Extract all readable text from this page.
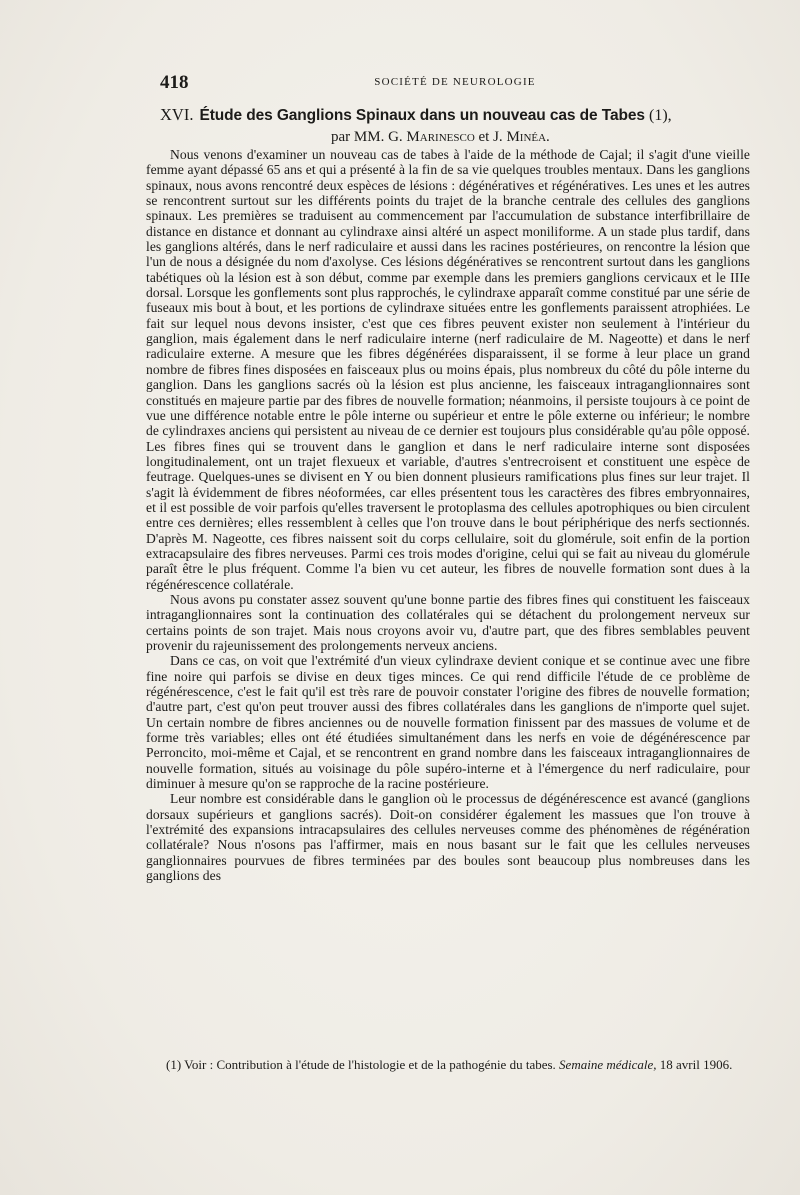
418	SOCIÉTÉ DE NEUROLOGIE
XVI. Étude des Ganglions Spinaux dans un nouveau cas de Tabes (1),
par MM. G. Marinesco et J. Minéa.

Nous venons d'examiner un nouveau cas de tabes à l'aide de la méthode de Cajal; il s'agit d'une vieille femme ayant dépassé 65 ans et qui a présenté à la fin de sa vie quelques troubles mentaux. Dans les ganglions spinaux, nous avons rencontré deux espèces de lésions : dégénératives et régénératives. Les unes et les autres se rencontrent surtout sur les différents points du trajet de la branche centrale des cellules des ganglions spinaux. Les premières se traduisent au commencement par l'accumulation de substance interfibrillaire de distance en distance et donnant au cylindraxe ainsi altéré un aspect moniliforme. A un stade plus tardif, dans les ganglions altérés, dans le nerf radiculaire et aussi dans les racines postérieures, on rencontre la lésion que l'un de nous a désignée du nom d'axolyse. Ces lésions dégénératives se rencontrent surtout dans les ganglions tabétiques où la lésion est à son début, comme par exemple dans les premiers ganglions cervicaux et le IIIe dorsal. Lorsque les gonflements sont plus rapprochés, le cylindraxe apparaît comme constitué par une série de fuseaux mis bout à bout, et les portions de cylindraxe situées entre les gonflements paraissent atrophiées. Le fait sur lequel nous devons insister, c'est que ces fibres peuvent exister non seulement à l'intérieur du ganglion, mais également dans le nerf radiculaire interne (nerf radiculaire de M. Nageotte) et dans le nerf radiculaire externe. A mesure que les fibres dégénérées disparaissent, il se forme à leur place un grand nombre de fibres fines disposées en faisceaux plus ou moins épais, plus nombreux du côté du pôle interne du ganglion. Dans les ganglions sacrés où la lésion est plus ancienne, les faisceaux intraganglionnaires sont constitués en majeure partie par des fibres de nouvelle formation; néanmoins, il persiste toujours à ce point de vue une différence notable entre le pôle interne ou supérieur et entre le pôle externe ou inférieur; le nombre de cylindraxes anciens qui persistent au niveau de ce dernier est toujours plus considérable qu'au pôle opposé. Les fibres fines qui se trouvent dans le ganglion et dans le nerf radiculaire interne sont disposées longitudinalement, ont un trajet flexueux et variable, d'autres s'entrecroisent et constituent une espèce de feutrage. Quelques-unes se divisent en Y ou bien donnent plusieurs ramifications plus fines sur leur trajet. Il s'agit là évidemment de fibres néoformées, car elles présentent tous les caractères des fibres embryonnaires, et il est possible de voir parfois qu'elles traversent le protoplasma des cellules apotrophiques ou bien circulent entre ces dernières; elles ressemblent à celles que l'on trouve dans le bout périphérique des nerfs sectionnés. D'après M. Nageotte, ces fibres naissent soit du corps cellulaire, soit du glomérule, soit enfin de la portion extracapsulaire des fibres nerveuses. Parmi ces trois modes d'origine, celui qui se fait au niveau du glomérule paraît être le plus fréquent. Comme l'a bien vu cet auteur, les fibres de nouvelle formation sont dues à la régénérescence collatérale.

Nous avons pu constater assez souvent qu'une bonne partie des fibres fines qui constituent les faisceaux intraganglionnaires sont la continuation des collatérales qui se détachent du prolongement nerveux sur certains points de son trajet. Mais nous croyons avoir vu, d'autre part, que des fibres semblables peuvent provenir du rajeunissement des prolongements nerveux anciens.

Dans ce cas, on voit que l'extrémité d'un vieux cylindraxe devient conique et se continue avec une fibre fine noire qui parfois se divise en deux tiges minces. Ce qui rend difficile l'étude de ce problème de régénérescence, c'est le fait qu'il est très rare de pouvoir constater l'origine des fibres de nouvelle formation; d'autre part, c'est qu'on peut trouver aussi des fibres collatérales dans les ganglions de n'importe quel sujet. Un certain nombre de fibres anciennes ou de nouvelle formation finissent par des massues de volume et de forme très variables; elles ont été étudiées simultanément dans les nerfs en voie de dégénérescence par Perroncito, moi-même et Cajal, et se rencontrent en grand nombre dans les faisceaux intraganglionnaires de nouvelle formation, situés au voisinage du pôle supéro-interne et à l'émergence du nerf radiculaire, pour diminuer à mesure qu'on se rapproche de la racine postérieure.

Leur nombre est considérable dans le ganglion où le processus de dégénérescence est avancé (ganglions dorsaux supérieurs et ganglions sacrés). Doit-on considérer également les massues que l'on trouve à l'extrémité des expansions intracapsulaires des cellules nerveuses comme des phénomènes de régénération collatérale? Nous n'osons pas l'affirmer, mais en nous basant sur le fait que les cellules nerveuses ganglionnaires pourvues de fibres terminées par des boules sont beaucoup plus nombreuses dans les ganglions des

(1) Voir : Contribution à l'étude de l'histologie et de la pathogénie du tabes. Semaine médicale, 18 avril 1906.
